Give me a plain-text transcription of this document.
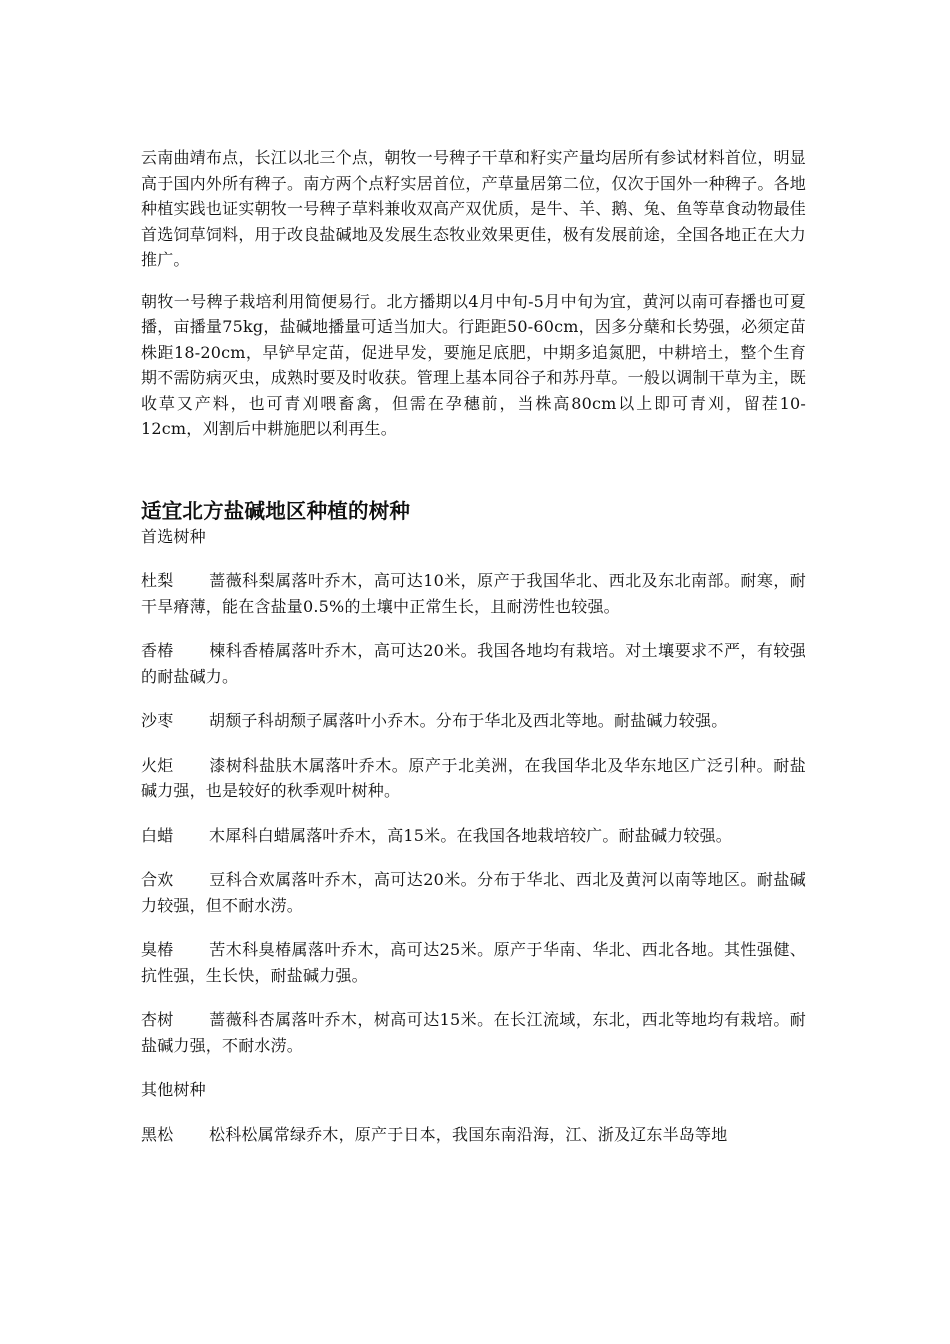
云南曲靖布点，长江以北三个点，朝牧一号稗子干草和籽实产量均居所有参试材料首位，明显高于国内外所有稗子。南方两个点籽实居首位，产草量居第二位，仅次于国外一种稗子。各地种植实践也证实朝牧一号稗子草料兼收双高产双优质，是牛、羊、鹅、兔、鱼等草食动物最佳首选饲草饲料，用于改良盐碱地及发展生态牧业效果更佳，极有发展前途，全国各地正在大力推广。

朝牧一号稗子栽培利用简便易行。北方播期以4月中旬-5月中旬为宜，黄河以南可春播也可夏播，亩播量75kg，盐碱地播量可适当加大。行距距50-60cm，因多分蘖和长势强，必须定苗株距18-20cm，早铲早定苗，促进早发，要施足底肥，中期多追氮肥，中耕培土，整个生育期不需防病灭虫，成熟时要及时收获。管理上基本同谷子和苏丹草。一般以调制干草为主，既收草又产料，也可青刈喂畜禽，但需在孕穗前，当株高80cm以上即可青刈，留茬10-12cm，刈割后中耕施肥以利再生。

适宜北方盐碱地区种植的树种

首选树种

杜梨 蔷薇科梨属落叶乔木，高可达10米，原产于我国华北、西北及东北南部。耐寒，耐干旱瘠薄，能在含盐量0.5%的土壤中正常生长，且耐涝性也较强。

香椿 楝科香椿属落叶乔木，高可达20米。我国各地均有栽培。对土壤要求不严，有较强的耐盐碱力。

沙枣 胡颓子科胡颓子属落叶小乔木。分布于华北及西北等地。耐盐碱力较强。

火炬 漆树科盐肤木属落叶乔木。原产于北美洲，在我国华北及华东地区广泛引种。耐盐碱力强，也是较好的秋季观叶树种。

白蜡 木犀科白蜡属落叶乔木，高15米。在我国各地栽培较广。耐盐碱力较强。

合欢 豆科合欢属落叶乔木，高可达20米。分布于华北、西北及黄河以南等地区。耐盐碱力较强，但不耐水涝。

臭椿 苦木科臭椿属落叶乔木，高可达25米。原产于华南、华北、西北各地。其性强健、抗性强，生长快，耐盐碱力强。

杏树 蔷薇科杏属落叶乔木，树高可达15米。在长江流域，东北，西北等地均有栽培。耐盐碱力强，不耐水涝。

其他树种

黑松 松科松属常绿乔木，原产于日本，我国东南沿海，江、浙及辽东半岛等地
